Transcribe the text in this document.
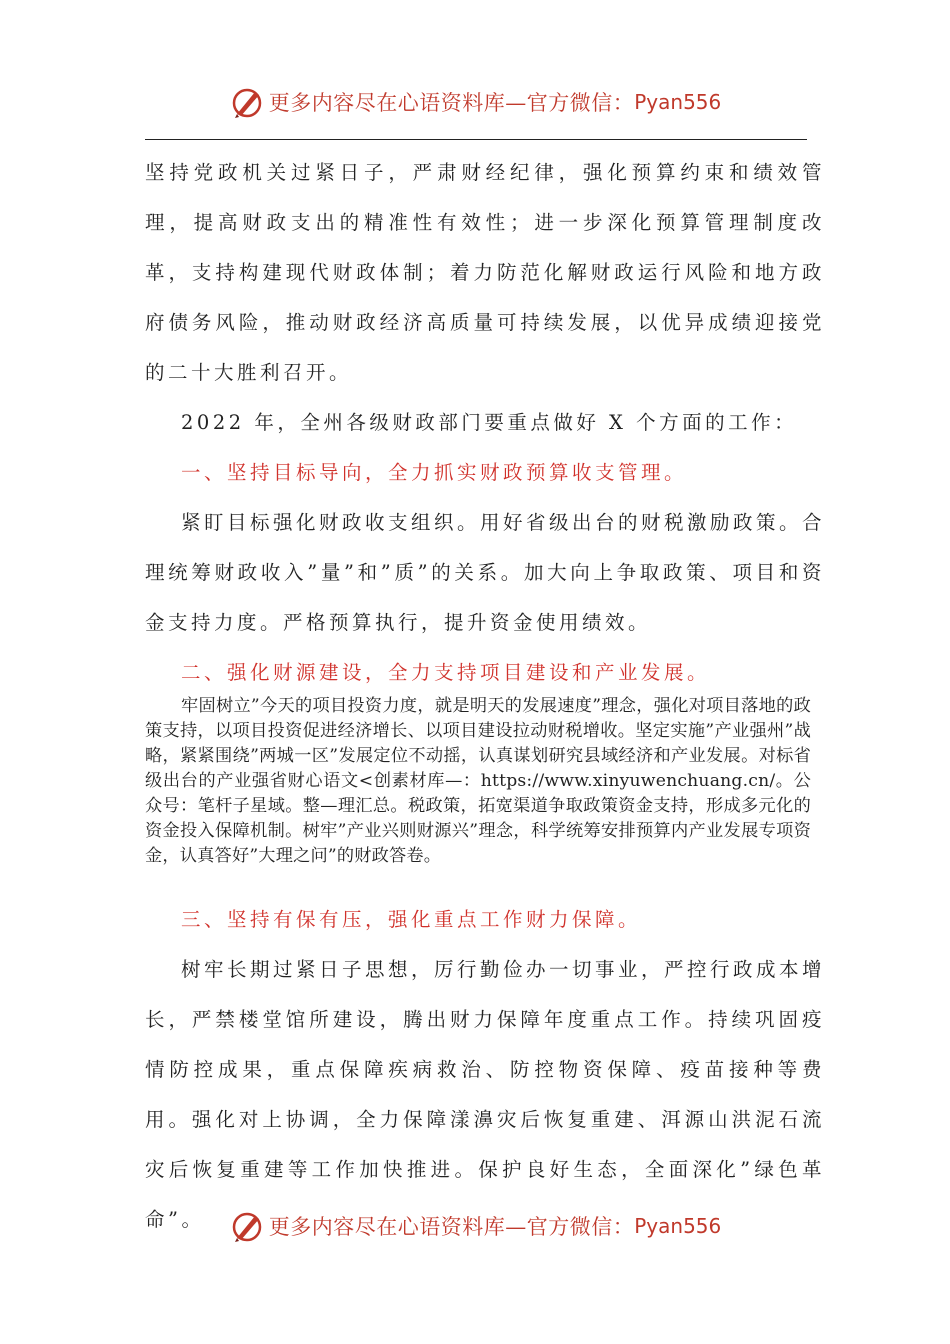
更多内容尽在心语资料库—官方微信： Pyan556

坚持党政机关过紧日子，严肃财经纪律，强化预算约束和绩效管理，提高财政支出的精准性有效性；进一步深化预算管理制度改革，支持构建现代财政体制；着力防范化解财政运行风险和地方政府债务风险，推动财政经济高质量可持续发展，以优异成绩迎接党的二十大胜利召开。

2022 年，全州各级财政部门要重点做好 X 个方面的工作：

一、坚持目标导向，全力抓实财政预算收支管理。

紧盯目标强化财政收支组织。用好省级出台的财税激励政策。合理统筹财政收入”量”和”质”的关系。加大向上争取政策、项目和资金支持力度。严格预算执行，提升资金使用绩效。

二、强化财源建设，全力支持项目建设和产业发展。

牢固树立”今天的项目投资力度，就是明天的发展速度”理念，强化对项目落地的政策支持，以项目投资促进经济增长、以项目建设拉动财税增收。坚定实施”产业强州”战略，紧紧围绕”两城一区”发展定位不动摇，认真谋划研究县域经济和产业发展。对标省级出台的产业强省财心语文<创素材库—：https://www.xinyuwenchuang.cn/。公众号：笔杆子星域。整—理汇总。税政策，拓宽渠道争取政策资金支持，形成多元化的资金投入保障机制。树牢”产业兴则财源兴”理念，科学统筹安排预算内产业发展专项资金，认真答好”大理之问”的财政答卷。

三、坚持有保有压，强化重点工作财力保障。

树牢长期过紧日子思想，厉行勤俭办一切事业，严控行政成本增长，严禁楼堂馆所建设，腾出财力保障年度重点工作。持续巩固疫情防控成果，重点保障疾病救治、防控物资保障、疫苗接种等费用。强化对上协调，全力保障漾濞灾后恢复重建、洱源山洪泥石流灾后恢复重建等工作加快推进。保护良好生态，全面深化”绿色革命”。	更多内容尽在心语资料库—官方微信： Pyan556
